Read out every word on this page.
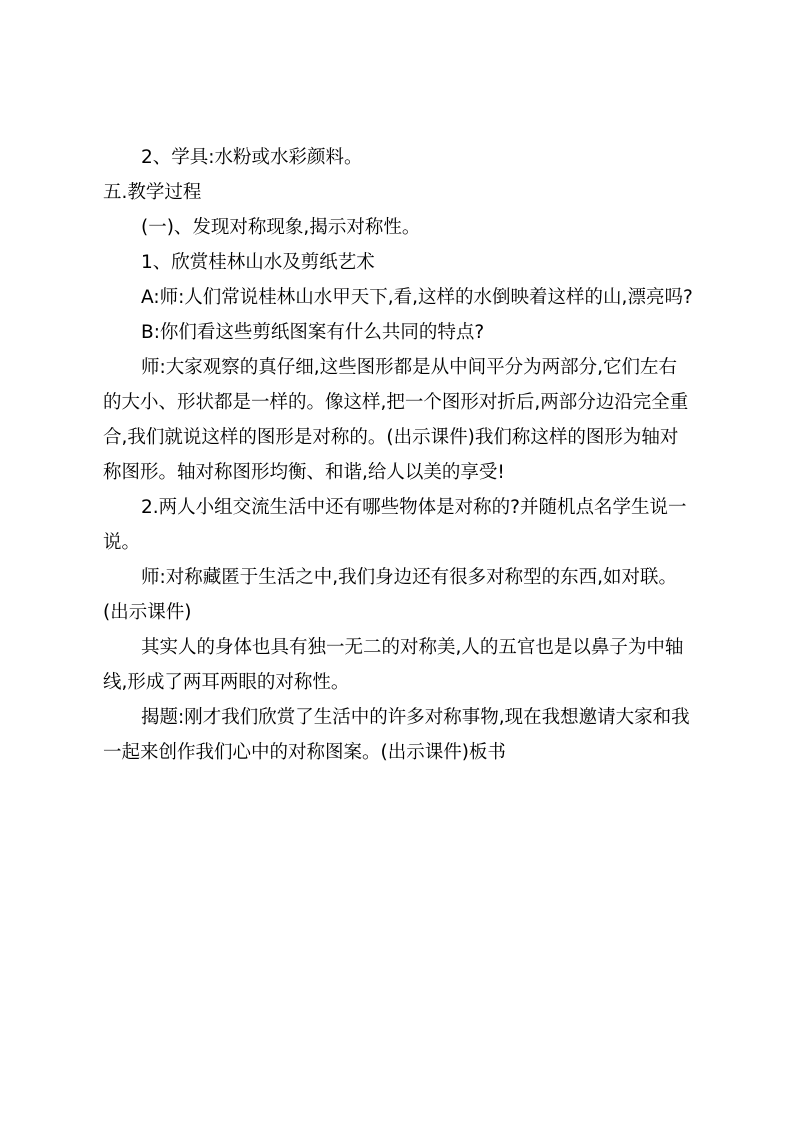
2、学具:水粉或水彩颜料。

五.教学过程

(一)、发现对称现象,揭示对称性。

1、欣赏桂林山水及剪纸艺术

A:师:人们常说桂林山水甲天下,看,这样的水倒映着这样的山,漂亮吗?

B:你们看这些剪纸图案有什么共同的特点?

师:大家观察的真仔细,这些图形都是从中间平分为两部分,它们左右的大小、形状都是一样的。像这样,把一个图形对折后,两部分边沿完全重合,我们就说这样的图形是对称的。(出示课件)我们称这样的图形为轴对称图形。轴对称图形均衡、和谐,给人以美的享受!

2.两人小组交流生活中还有哪些物体是对称的?并随机点名学生说一说。

师:对称藏匿于生活之中,我们身边还有很多对称型的东西,如对联。(出示课件)

其实人的身体也具有独一无二的对称美,人的五官也是以鼻子为中轴线,形成了两耳两眼的对称性。

揭题:刚才我们欣赏了生活中的许多对称事物,现在我想邀请大家和我一起来创作我们心中的对称图案。(出示课件)板书
